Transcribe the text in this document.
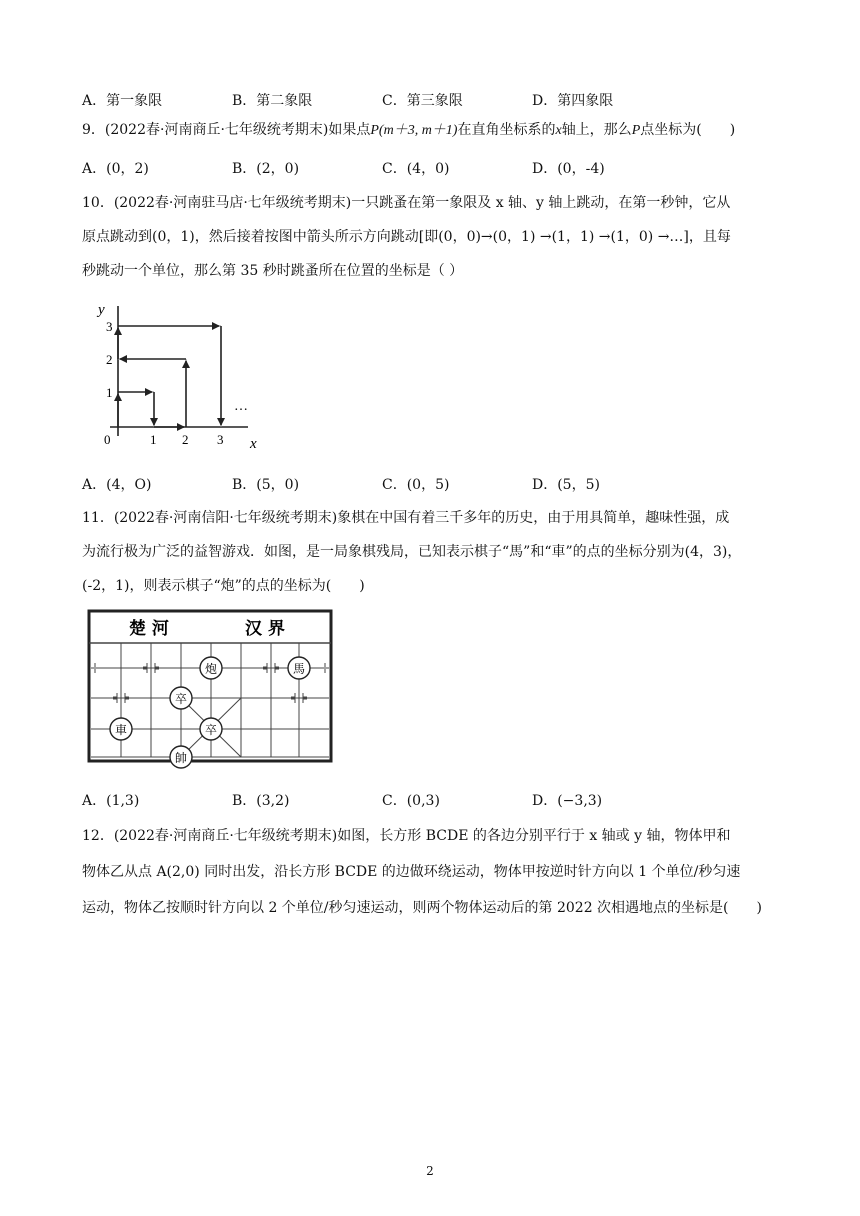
A．第一象限	B．第二象限	C．第三象限	D．第四象限
9．(2022春·河南商丘·七年级统考期末)如果点P(m＋3, m＋1)在直角坐标系的x轴上，那么P点坐标为(　　)
A．(0，2)	B．(2，0)	C．(4，0)	D．(0，-4)
10．(2022春·河南驻马店·七年级统考期末)一只跳蚤在第一象限及 x 轴、y 轴上跳动，在第一秒钟，它从
原点跳动到(0，1)，然后接着按图中箭头所示方向跳动[即(0，0)→(0，1) →(1，1) →(1，0) →…]，且每
秒跳动一个单位，那么第 35 秒时跳蚤所在位置的坐标是（ ）
y
x
0	1 2 3
1
2
3
…
A．(4，O)	B．(5，0)	C．(0，5)	D．(5，5)
11．(2022春·河南信阳·七年级统考期末)象棋在中国有着三千多年的历史，由于用具简单，趣味性强，成
为流行极为广泛的益智游戏．如图，是一局象棋残局，已知表示棋子“馬”和“車”的点的坐标分别为(4，3)，
(-2，1)，则表示棋子“炮”的点的坐标为(　　)
楚 河	汉 界
炮	馬
卒
卒
車
帥
A．(1,3)	B．(3,2)	C．(0,3)	D．(−3,3)
12．(2022春·河南商丘·七年级统考期末)如图，长方形 BCDE 的各边分别平行于 x 轴或 y 轴，物体甲和
物体乙从点 A(2,0) 同时出发，沿长方形 BCDE 的边做环绕运动，物体甲按逆时针方向以 1 个单位/秒匀速
运动，物体乙按顺时针方向以 2 个单位/秒匀速运动，则两个物体运动后的第 2022 次相遇地点的坐标是(　　)
2
